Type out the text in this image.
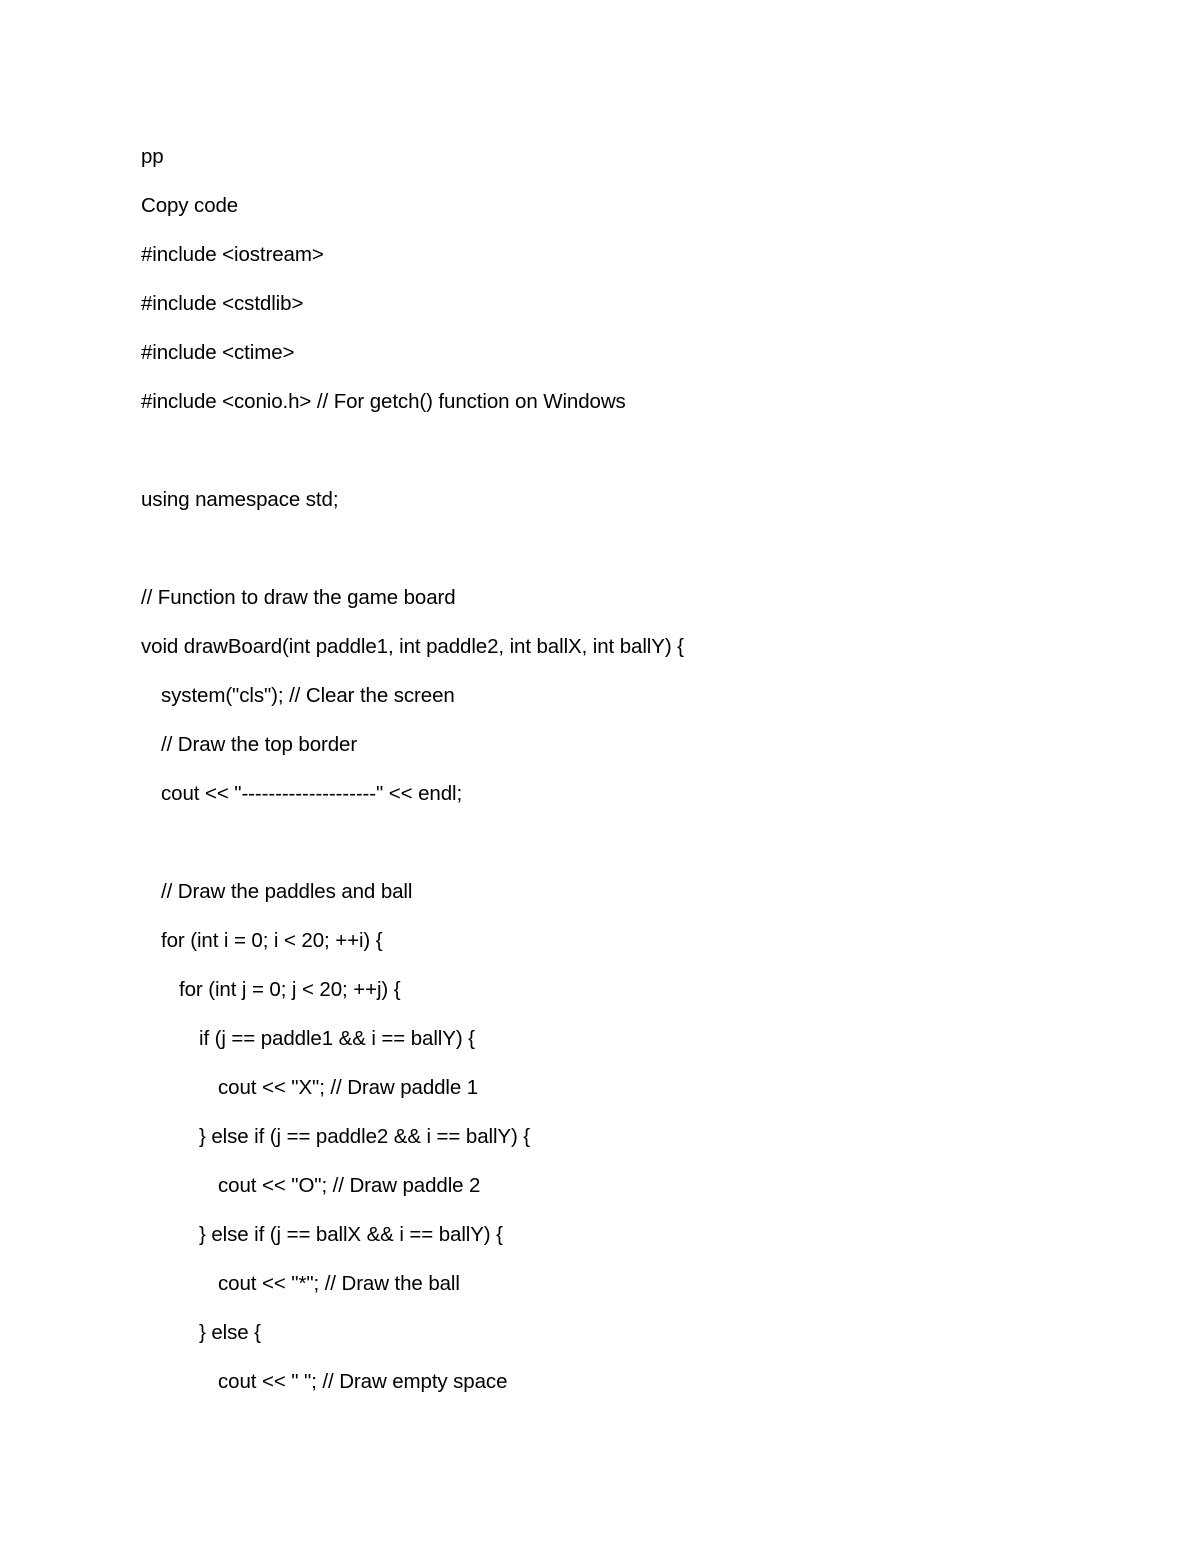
pp
Copy code
#include <iostream>
#include <cstdlib>
#include <ctime>
#include <conio.h> // For getch() function on Windows
using namespace std;
// Function to draw the game board
void drawBoard(int paddle1, int paddle2, int ballX, int ballY) {
system("cls"); // Clear the screen
// Draw the top border
cout << "--------------------" << endl;
// Draw the paddles and ball
for (int i = 0; i < 20; ++i) {
for (int j = 0; j < 20; ++j) {
if (j == paddle1 && i == ballY) {
cout << "X"; // Draw paddle 1
} else if (j == paddle2 && i == ballY) {
cout << "O"; // Draw paddle 2
} else if (j == ballX && i == ballY) {
cout << "*"; // Draw the ball
} else {
cout << " "; // Draw empty space
